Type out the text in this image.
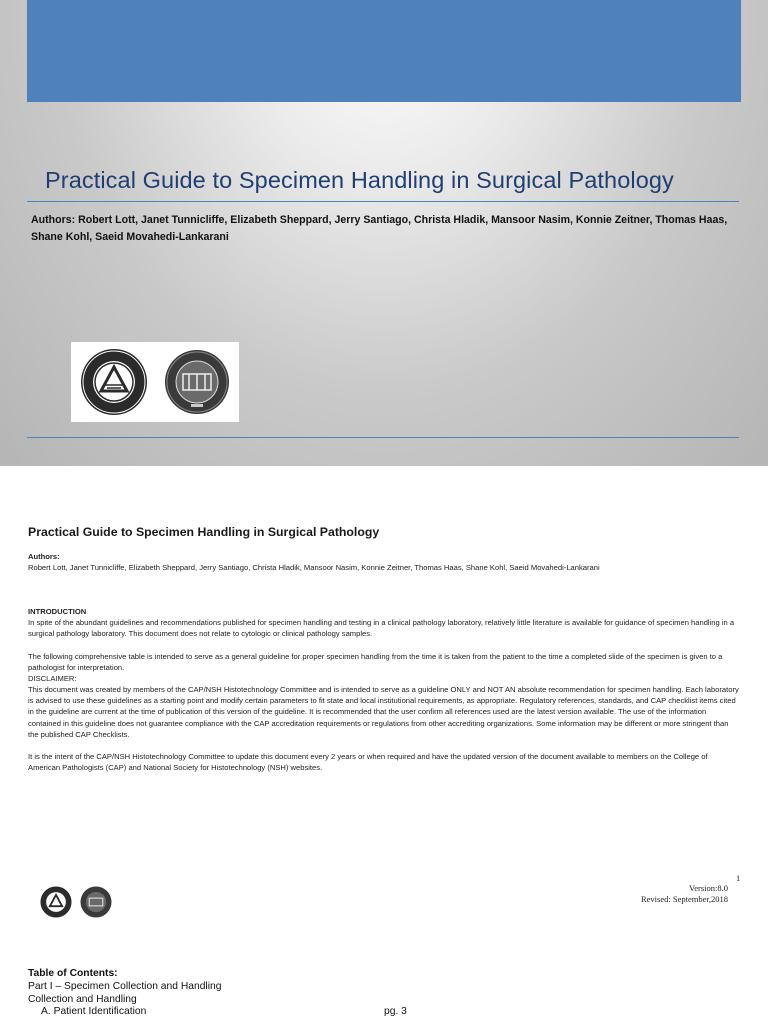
Practical Guide to Specimen Handling in Surgical Pathology
Authors: Robert Lott, Janet Tunnicliffe, Elizabeth Sheppard, Jerry Santiago, Christa Hladik, Mansoor Nasim, Konnie Zeitner, Thomas Haas, Shane Kohl, Saeid Movahedi-Lankarani
Practical Guide to Specimen Handling in Surgical Pathology
Authors:
Robert Lott, Janet Tunnicliffe, Elizabeth Sheppard, Jerry Santiago, Christa Hladik, Mansoor Nasim, Konnie Zeitner, Thomas Haas, Shane Kohl, Saeid Movahedi-Lankarani
INTRODUCTION
In spite of the abundant guidelines and recommendations published for specimen handling and testing in a clinical pathology laboratory, relatively little literature is available for guidance of specimen handling in a surgical pathology laboratory. This document does not relate to cytologic or clinical pathology samples.
The following comprehensive table is intended to serve as a general guideline for proper specimen handling from the time it is taken from the patient to the time a completed slide of the specimen is given to a pathologist for interpretation.
DISCLAIMER:
This document was created by members of the CAP/NSH Histotechnology Committee and is intended to serve as a guideline ONLY and NOT AN absolute recommendation for specimen handling. Each laboratory is advised to use these guidelines as a starting point and modify certain parameters to fit state and local institutional requirements, as appropriate. Regulatory references, standards, and CAP checklist items cited in the guideline are current at the time of publication of this version of the guideline. It is recommended that the user confirm all references used are the latest version available. The use of the information contained in this guideline does not guarantee compliance with the CAP accreditation requirements or regulations from other accrediting organizations. Some information may be different or more stringent than the published CAP Checklists.
It is the intent of the CAP/NSH Histotechnology Committee to update this document every 2 years or when required and have the updated version of the document available to members on the College of American Pathologists (CAP) and National Society for Histotechnology (NSH) websites.
1
Version:8.0
Revised: September,2018
Table of Contents:
Part I – Specimen Collection and Handling
Collection and Handling
A. Patient Identification	pg. 3
